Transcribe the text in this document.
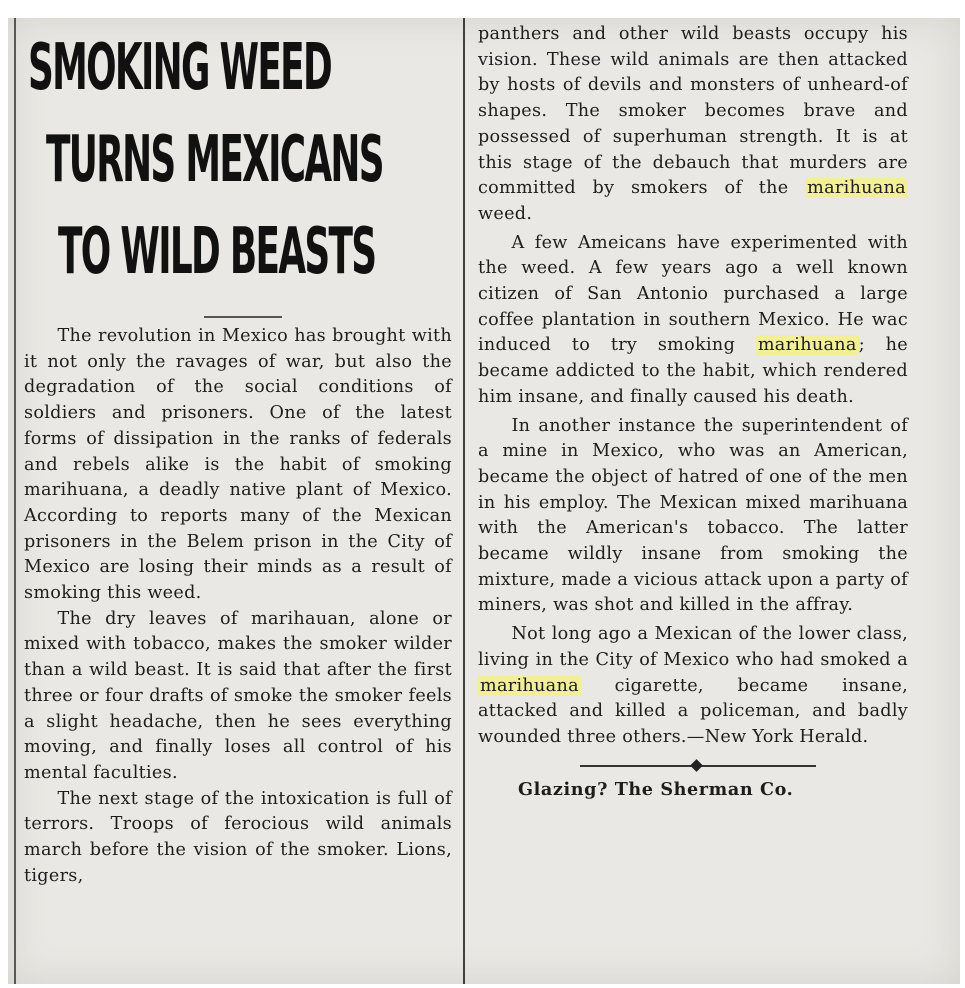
SMOKING WEED
TURNS MEXICANS
TO WILD BEASTS

The revolution in Mexico has brought with it not only the ravages of war, but also the degradation of the social conditions of soldiers and prisoners. One of the latest forms of dissipation in the ranks of federals and rebels alike is the habit of smoking marihuana, a deadly native plant of Mexico. According to reports many of the Mexican prisoners in the Belem prison in the City of Mexico are losing their minds as a result of smoking this weed.

The dry leaves of marihauan, alone or mixed with tobacco, makes the smoker wilder than a wild beast. It is said that after the first three or four drafts of smoke the smoker feels a slight headache, then he sees everything moving, and finally loses all control of his mental faculties.

The next stage of the intoxication is full of terrors. Troops of ferocious wild animals march before the vision of the smoker. Lions, tigers,

panthers and other wild beasts occupy his vision. These wild animals are then attacked by hosts of devils and monsters of unheard-of shapes. The smoker becomes brave and possessed of superhuman strength. It is at this stage of the debauch that murders are committed by smokers of the marihuana weed.

A few Ameicans have experimented with the weed. A few years ago a well known citizen of San Antonio purchased a large coffee plantation in southern Mexico. He wac induced to try smoking marihuana ; he became addicted to the habit, which rendered him insane, and finally caused his death.

In another instance the superintendent of a mine in Mexico, who was an American, became the object of hatred of one of the men in his employ. The Mexican mixed marihuana with the American's tobacco. The latter became wildly insane from smoking the mixture, made a vicious attack upon a party of miners, was shot and killed in the affray.

Not long ago a Mexican of the lower class, living in the City of Mexico who had smoked a marihuana cigarette, became insane, attacked and killed a policeman, and badly wounded three others.—New York Herald.

Glazing? The Sherman Co.
